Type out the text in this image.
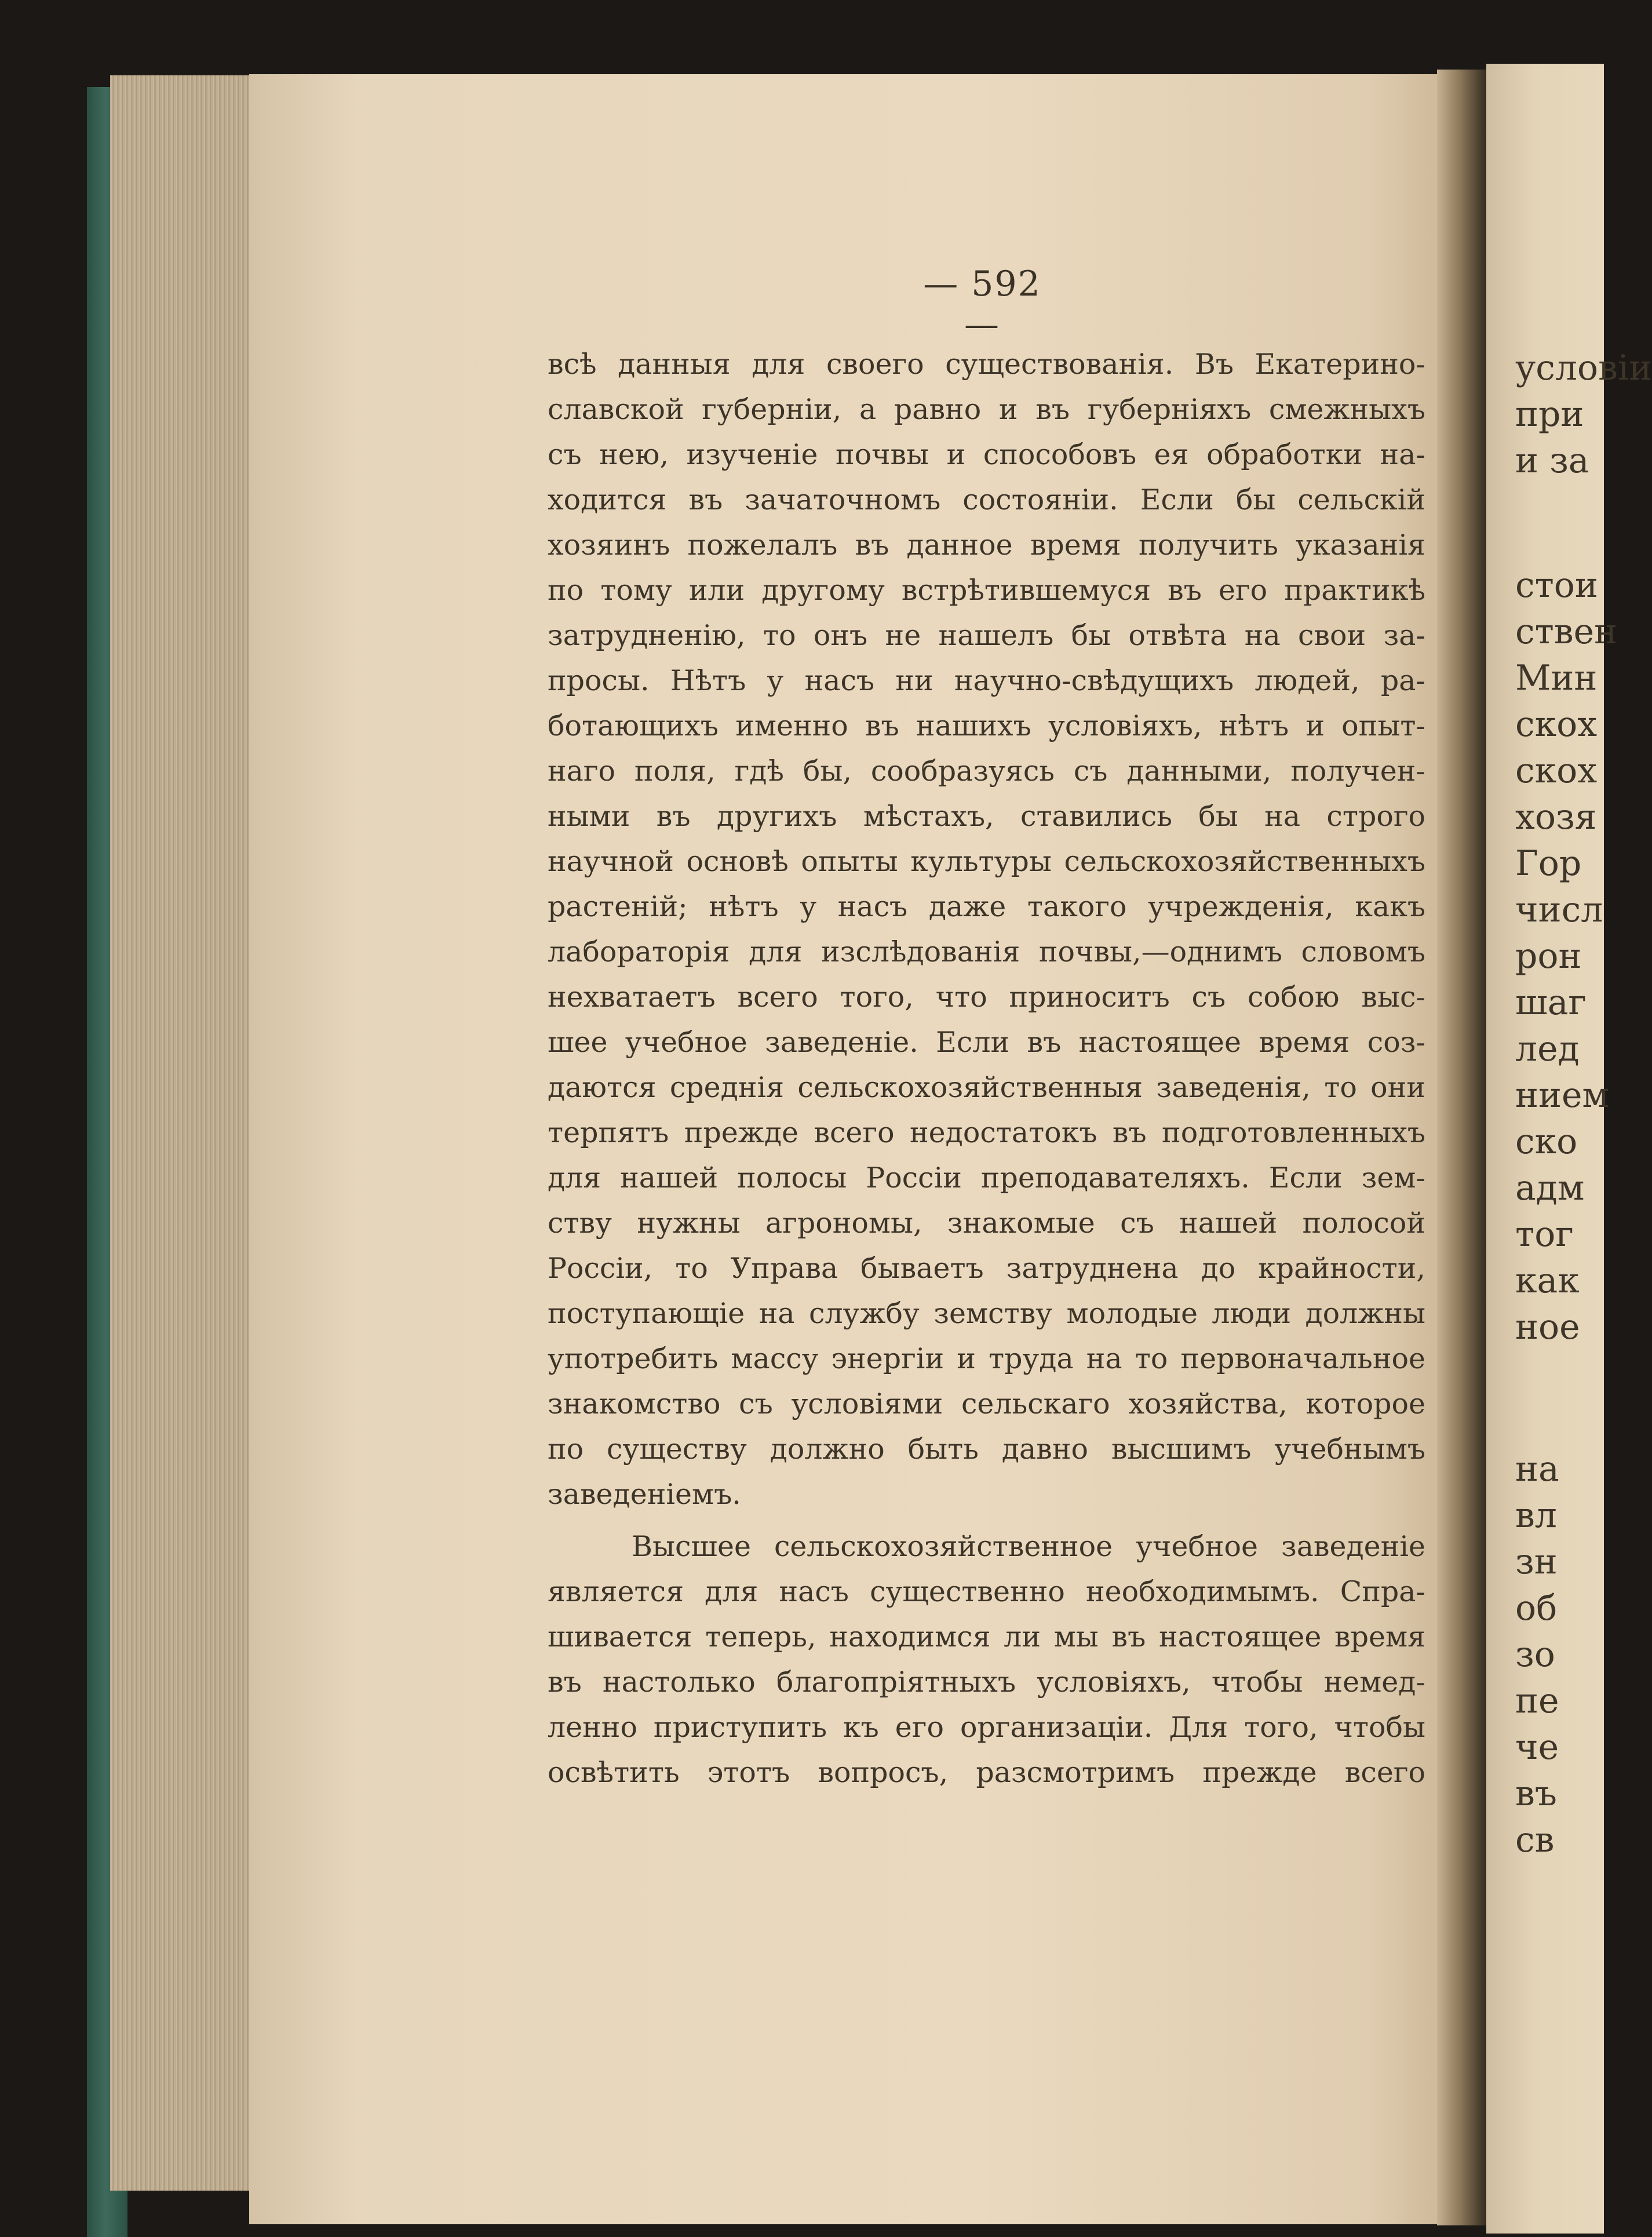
условіи
при
и за
стои
ствен
Мин
скох
скох
хозя
Гор
числ
рон
шаг
лед
нием
ско
адм
тог
как
ное
на
вл
зн
об
зо
пе
че
въ
св
— 592 —
всѣ данныя для своего существованія. Въ Екатерино-
славской губерніи, а равно и въ губерніяхъ смежныхъ
съ нею, изученіе почвы и способовъ ея обработки на-
ходится въ зачаточномъ состояніи. Если бы сельскій
хозяинъ пожелалъ въ данное время получить указанія
по тому или другому встрѣтившемуся въ его практикѣ
затрудненію, то онъ не нашелъ бы отвѣта на свои за-
просы. Нѣтъ у насъ ни научно-свѣдущихъ людей, ра-
ботающихъ именно въ нашихъ условіяхъ, нѣтъ и опыт-
наго поля, гдѣ бы, сообразуясь съ данными, получен-
ными въ другихъ мѣстахъ, ставились бы на строго
научной основѣ опыты культуры сельскохозяйственныхъ
растеній; нѣтъ у насъ даже такого учрежденія, какъ
лабораторія для изслѣдованія почвы,—однимъ словомъ
нехватаетъ всего того, что приноситъ съ собою выс-
шее учебное заведеніе. Если въ настоящее время соз-
даются среднія сельскохозяйственныя заведенія, то они
терпятъ прежде всего недостатокъ въ подготовленныхъ
для нашей полосы Россіи преподавателяхъ. Если зем-
ству нужны агрономы, знакомые съ нашей полосой
Россіи, то Управа бываетъ затруднена до крайности,
поступающіе на службу земству молодые люди должны
употребить массу энергіи и труда на то первоначальное
знакомство съ условіями сельскаго хозяйства, которое
по существу должно быть давно высшимъ учебнымъ
заведеніемъ.
Высшее сельскохозяйственное учебное заведеніе
является для насъ существенно необходимымъ. Спра-
шивается теперь, находимся ли мы въ настоящее время
въ настолько благопріятныхъ условіяхъ, чтобы немед-
ленно приступить къ его организаціи. Для того, чтобы
освѣтить этотъ вопросъ, разсмотримъ прежде всего
